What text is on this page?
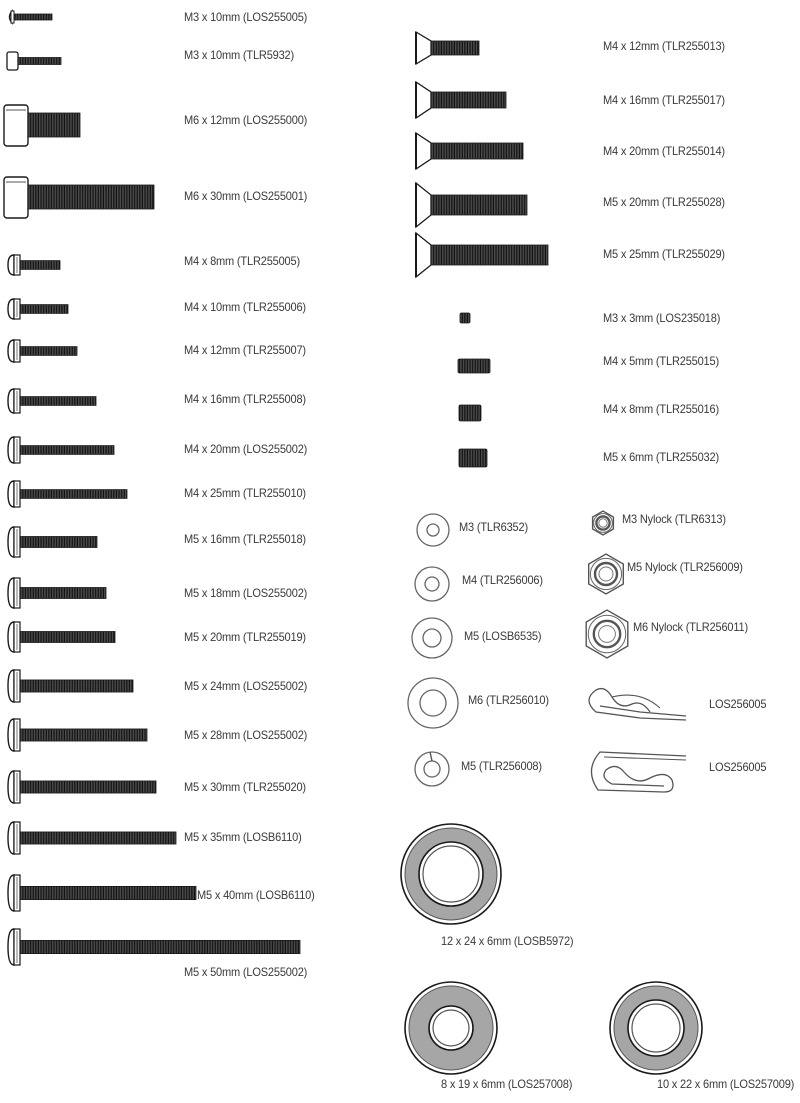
M3 x 10mm (LOS255005)
M3 x 10mm (TLR5932)
M6 x 12mm (LOS255000)
M6 x 30mm (LOS255001)
M4 x 8mm (TLR255005)
M4 x 10mm (TLR255006)
M4 x 12mm (TLR255007)
M4 x 16mm (TLR255008)
M4 x 20mm (LOS255002)
M4 x 25mm (TLR255010)
M5 x 16mm (TLR255018)
M5 x 18mm (LOS255002)
M5 x 20mm (TLR255019)
M5 x 24mm (LOS255002)
M5 x 28mm (LOS255002)
M5 x 30mm (TLR255020)
M5 x 35mm (LOSB6110)
M5 x 40mm (LOSB6110)
M5 x 50mm (LOS255002)
M4 x 12mm (TLR255013)
M4 x 16mm (TLR255017)
M4 x 20mm (TLR255014)
M5 x 20mm (TLR255028)
M5 x 25mm (TLR255029)
M3 x 3mm (LOS235018)
M4 x 5mm (TLR255015)
M4 x 8mm (TLR255016)
M5 x 6mm (TLR255032)
M3 (TLR6352)
M4 (TLR256006)
M5 (LOSB6535)
M6 (TLR256010)
M5 (TLR256008)
M3 Nylock (TLR6313)
M5 Nylock (TLR256009)
M6 Nylock (TLR256011)
LOS256005
LOS256005
12 x 24 x 6mm (LOSB5972)
8 x 19 x 6mm (LOS257008)	10 x 22 x 6mm (LOS257009)
